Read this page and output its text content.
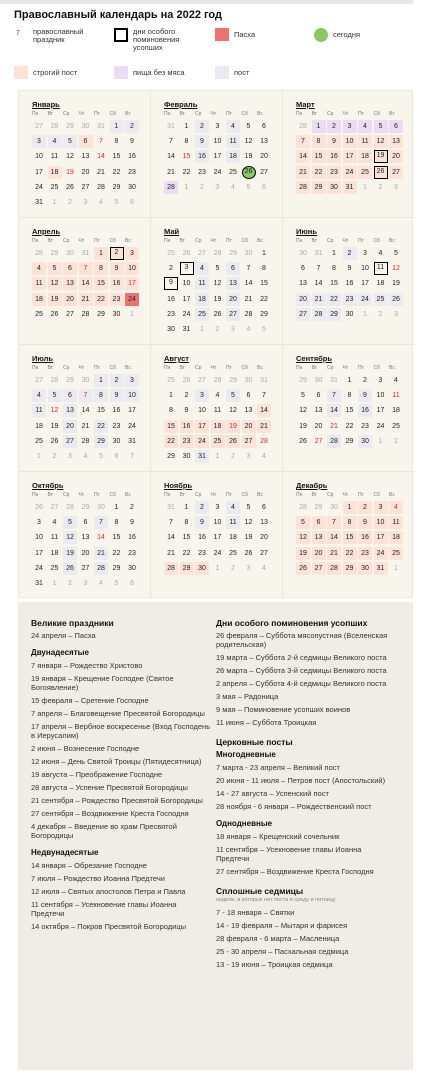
Православный календарь на 2022 год
7	православный праздник
дни особого поминовения усопших
Пасха	сегодня
строгий пост	пища без мяса	пост
Январь
Пн	Вт	Ср	Чт	Пт	Сб	Вс
27	28	29	30	31	1	2
3	4	5	6	7	8	9
10	11	12	13	14	15	16
17	18	19	20	21	22	23
24	25	26	27	28	29	30
31	1	2	3	4	5	6
Февраль
Пн	Вт	Ср	Чт	Пт	Сб	Вс
31	1	2	3	4	5	6
7	8	9	10	11	12	13
14	15	16	17	18	19	20
21	22	23	24	25	26	27
28	1	2	3	4	5	6
Март
Пн	Вт	Ср	Чт	Пт	Сб	Вс
28	1	2	3	4	5	6
7	8	9	10	11	12	13
14	15	16	17	18	19	20
21	22	23	24	25	26	27
28	29	30	31	1	2	3
Апрель
Пн	Вт	Ср	Чт	Пт	Сб	Вс
28	29	30	31	1	2	3
4	5	6	7	8	9	10
11	12	13	14	15	16	17
18	19	20	21	22	23	24
25	26	27	28	29	30	1
Май
Пн	Вт	Ср	Чт	Пт	Сб	Вс
25	26	27	28	29	30	1
2	3	4	5	6	7	8
9	10	11	12	13	14	15
16	17	18	19	20	21	22
23	24	25	26	27	28	29
30	31	1	2	3	4	5
Июнь
Пн	Вт	Ср	Чт	Пт	Сб	Вс
30	31	1	2	3	4	5
6	7	8	9	10	11	12
13	14	15	16	17	18	19
20	21	22	23	24	25	26
27	28	29	30	1	2	3
Июль
Пн	Вт	Ср	Чт	Пт	Сб	Вс
27	28	29	30	1	2	3
4	5	6	7	8	9	10
11	12	13	14	15	16	17
18	19	20	21	22	23	24
25	26	27	28	29	30	31
1	2	3	4	5	6	7
Август
Пн	Вт	Ср	Чт	Пт	Сб	Вс
25	26	27	28	29	30	31
1	2	3	4	5	6	7
8	9	10	11	12	13	14
15	16	17	18	19	20	21
22	23	24	25	26	27	28
29	30	31	1	2	3	4
Сентябрь
Пн	Вт	Ср	Чт	Пт	Сб	Вс
29	30	31	1	2	3	4
5	6	7	8	9	10	11
12	13	14	15	16	17	18
19	20	21	22	23	24	25
26	27	28	29	30	1	2
Октябрь
Пн	Вт	Ср	Чт	Пт	Сб	Вс
26	27	28	29	30	1	2
3	4	5	6	7	8	9
10	11	12	13	14	15	16
17	18	19	20	21	22	23
24	25	26	27	28	29	30
31	1	2	3	4	5	6
Ноябрь
Пн	Вт	Ср	Чт	Пт	Сб	Вс
31	1	2	3	4	5	6
7	8	9	10	11	12	13
14	15	16	17	18	19	20
21	22	23	24	25	26	27
28	29	30	1	2	3	4
Декабрь
Пн	Вт	Ср	Чт	Пт	Сб	Вс
28	29	30	1	2	3	4
5	6	7	8	9	10	11
12	13	14	15	16	17	18
19	20	21	22	23	24	25
26	27	28	29	30	31	1
Великие праздники
24 апреля – Пасха
Двунадесятые
7 января – Рождество Христово
19 января – Крещение Господне (Святое Богоявление)
15 февраля – Сретение Господне
7 апреля – Благовещение Пресвятой Богородицы
17 апреля – Вербное воскресенье (Вход Господень в Иерусалим)
2 июня – Вознесение Господне
12 июня – День Святой Троицы (Пятидесятница)
19 августа – Преображение Господне
28 августа – Успение Пресвятой Богородицы
21 сентября – Рождество Пресвятой Богородицы
27 сентября – Воздвижение Креста Господня
4 декабря – Введение во храм Пресвятой Богородицы
Недвунадесятые
14 января – Обрезание Господне
7 июля – Рождество Иоанна Предтечи
12 июля – Святых апостолов Петра и Павла
11 сентября – Усекновение главы Иоанна Предтечи
14 октября – Покров Пресвятой Богородицы
Дни особого поминовения усопших
26 февраля – Суббота мясопустная (Вселенская родительская)
19 марта – Суббота 2-й седмицы Великого поста
26 марта – Суббота 3-й седмицы Великого поста
2 апреля – Суббота 4-й седмицы Великого поста
3 мая – Радоница
9 мая – Поминовение усопших воинов
11 июня – Суббота Троицкая
Церковные посты
Многодневные
7 марта - 23 апреля – Великий пост
20 июня - 11 июля – Петров пост (Апостольский)
14 - 27 августа – Успенский пост
28 ноября - 6 января – Рождественский пост
Однодневные
18 января – Крещенский сочельник
11 сентября – Усекновение главы Иоанна Предтечи
27 сентября – Воздвижение Креста Господня
Сплошные седмицы
недели, в которых нет поста в среду и пятницу
7 - 18 января – Святки
14 - 19 февраля – Мытаря и фарисея
28 февраля - 6 марта – Масленица
25 - 30 апреля – Пасхальная седмица
13 - 19 июня – Троицкая седмица
